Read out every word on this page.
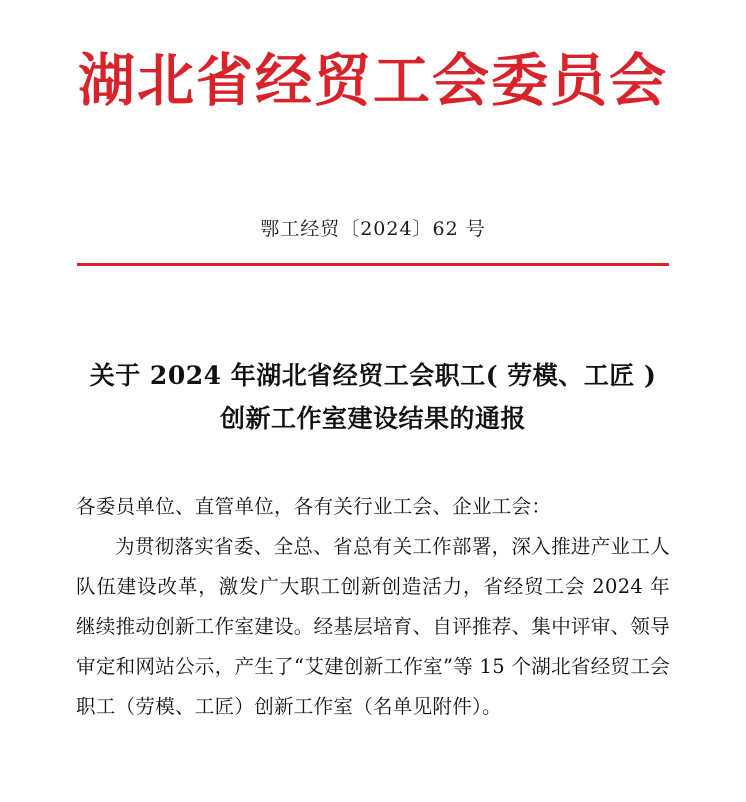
湖北省经贸工会委员会
鄂工经贸〔2024〕62 号
关于 2024 年湖北省经贸工会职工( 劳模、工匠 )
创新工作室建设结果的通报

各委员单位、直管单位，各有关行业工会、企业工会：

为贯彻落实省委、全总、省总有关工作部署，深入推进产业工人队伍建设改革，激发广大职工创新创造活力，省经贸工会 2024 年继续推动创新工作室建设。经基层培育、自评推荐、集中评审、领导审定和网站公示，产生了“艾建创新工作室”等 15 个湖北省经贸工会职工（劳模、工匠）创新工作室（名单见附件）。
